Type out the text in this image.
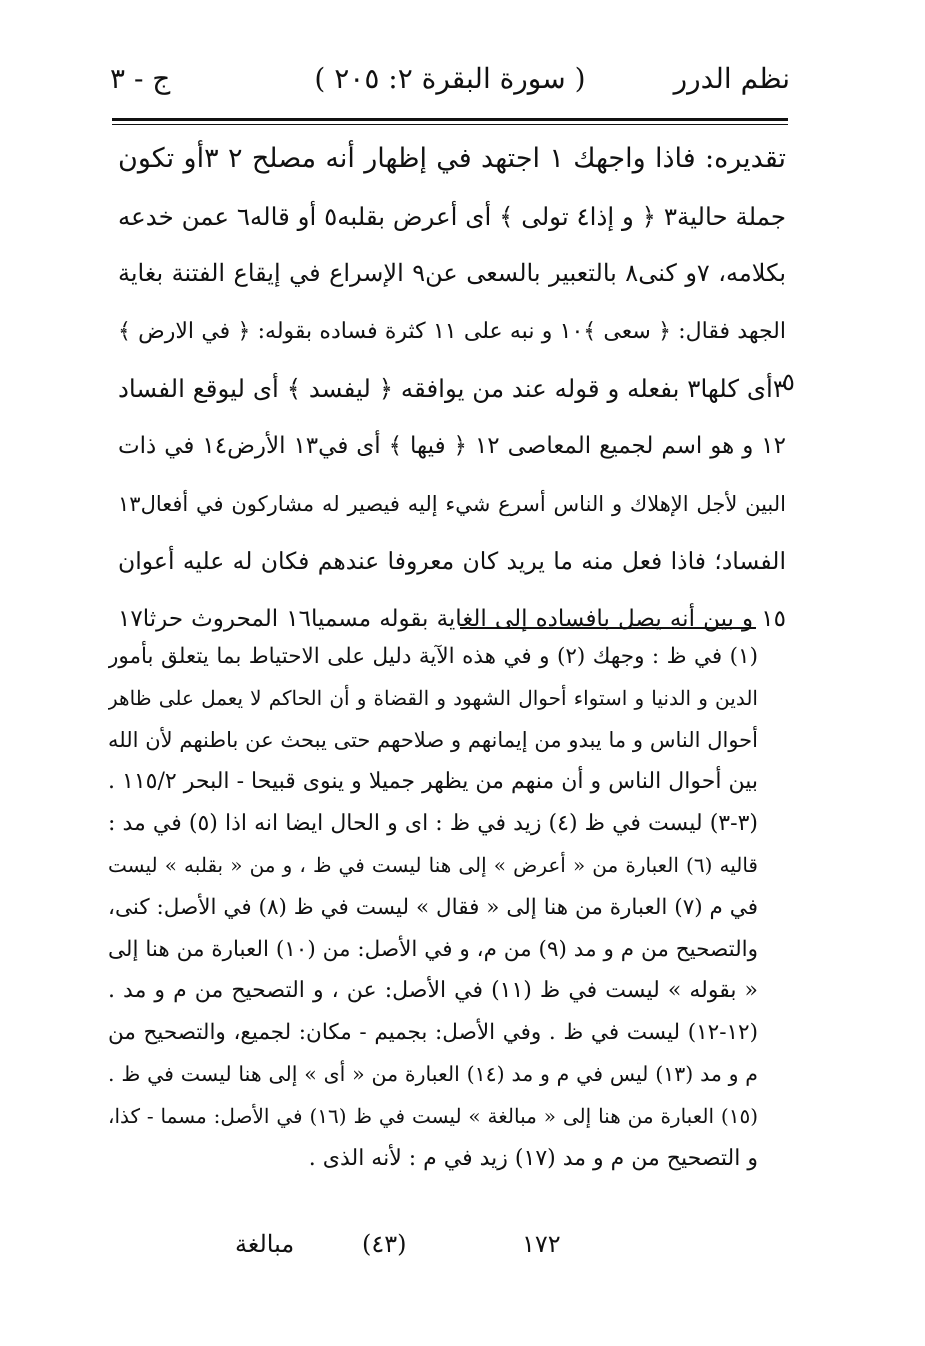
نظم الدرر
( سورة البقرة ٢: ٢٠٥ )
ج - ٣
تقديره: فاذا واجهك ١ اجتهد في إظهار أنه مصلح ٢ ٣أو تكون
جملة حالية٣ ﴿ و إذا٤ تولى ﴾ أى أعرض بقلبه٥ أو قاله٦ عمن خدعه
بكلامه، ٧و كنى٨ بالتعبير بالسعى عن٩ الإسراع في إيقاع الفتنة بغاية
الجهد فقال: ﴿ سعى ﴾١٠ و نبه على ١١ كثرة فساده بقوله: ﴿ في الارض ﴾
٣أى كلها٣ بفعله و قوله عند من يوافقه ﴿ ليفسد ﴾ أى ليوقع الفساد
١٢ و هو اسم لجميع المعاصى ١٢ ﴿ فيها ﴾ أى في١٣ الأرض١٤ في ذات
البين لأجل الإهلاك و الناس أسرع شيء إليه فيصير له مشاركون في أفعال١٣
الفساد؛ فاذا فعل منه ما يريد كان معروفا عندهم فكان له عليه أعوان
١٥ و بين أنه يصل بافساده إلى الغاية بقوله مسميا١٦ المحروث حرثا١٧
٥
(١) في ظ : وجهك (٢) و في هذه الآية دليل على الاحتياط بما يتعلق بأمور
الدين و الدنيا و استواء أحوال الشهود و القضاة و أن الحاكم لا يعمل على ظاهر
أحوال الناس و ما يبدو من إيمانهم و صلاحهم حتى يبحث عن باطنهم لأن الله
بين أحوال الناس و أن منهم من يظهر جميلا و ينوى قبيحا - البحر ١١٥/٢ .
(٣-٣) ليست في ظ (٤) زيد في ظ : اى و الحال ايضا انه اذا (٥) في مد :
قاليه (٦) العبارة من « أعرض » إلى هنا ليست في ظ ، و من « بقلبه » ليست
في م (٧) العبارة من هنا إلى « فقال » ليست في ظ (٨) في الأصل: كنى،
والتصحيح من م و مد (٩) من م، و في الأصل: من (١٠) العبارة من هنا إلى
« بقوله » ليست في ظ (١١) في الأصل: عن ، و التصحيح من م و مد .
(١٢-١٢) ليست في ظ . وفي الأصل: بجميم - مكان: لجميع، والتصحيح من
م و مد (١٣) ليس في م و مد (١٤) العبارة من « أى » إلى هنا ليست في ظ .
(١٥) العبارة من هنا إلى « مبالغة » ليست في ظ (١٦) في الأصل: مسما - كذا،
و التصحيح من م و مد (١٧) زيد في م : لأنه الذى .
١٧٢
(٤٣)
مبالغة
